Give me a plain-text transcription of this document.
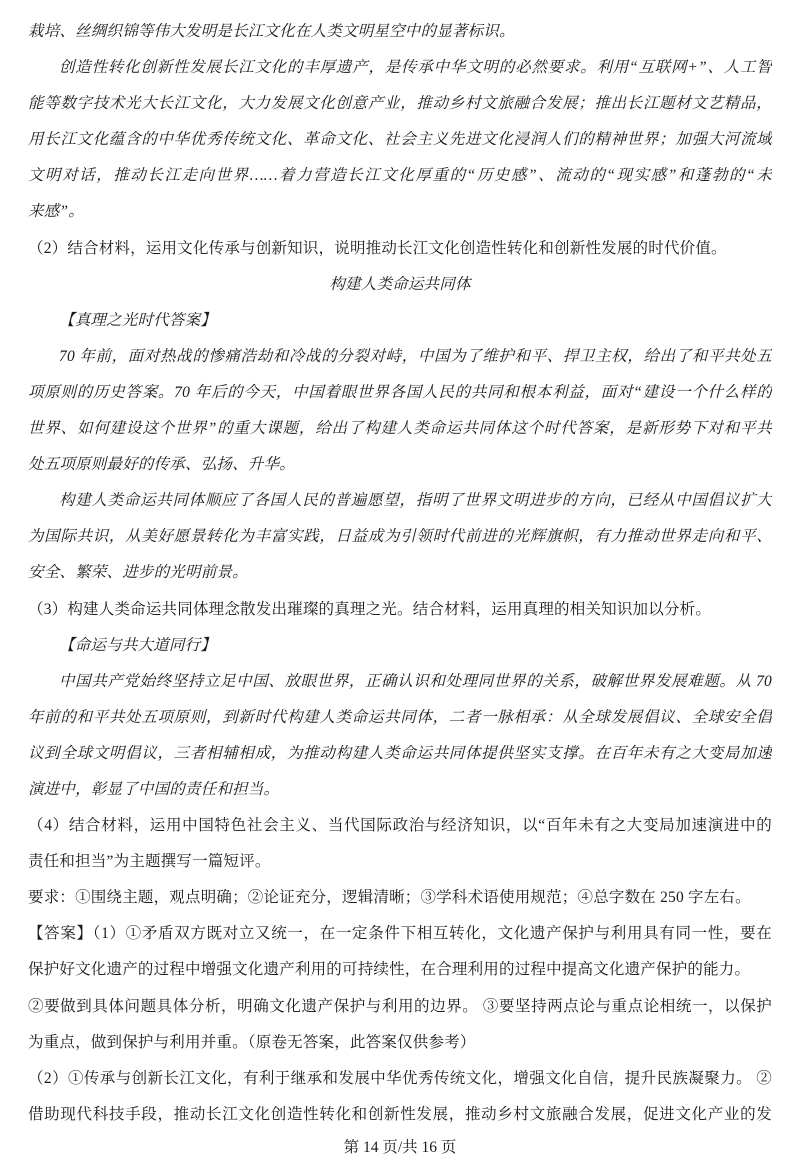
栽培、丝绸织锦等伟大发明是长江文化在人类文明星空中的显著标识。
创造性转化创新性发展长江文化的丰厚遗产，是传承中华文明的必然要求。利用“互联网+”、人工智
能等数字技术光大长江文化，大力发展文化创意产业，推动乡村文旅融合发展；推出长江题材文艺精品，
用长江文化蕴含的中华优秀传统文化、革命文化、社会主义先进文化浸润人们的精神世界；加强大河流域
文明对话，推动长江走向世界……着力营造长江文化厚重的“历史感”、流动的“现实感”和蓬勃的“未
来感”。
（2）结合材料，运用文化传承与创新知识，说明推动长江文化创造性转化和创新性发展的时代价值。
构建人类命运共同体
【真理之光时代答案】
70 年前，面对热战的惨痛浩劫和冷战的分裂对峙，中国为了维护和平、捍卫主权，给出了和平共处五
项原则的历史答案。70 年后的今天，中国着眼世界各国人民的共同和根本利益，面对“建设一个什么样的
世界、如何建设这个世界”的重大课题，给出了构建人类命运共同体这个时代答案，是新形势下对和平共
处五项原则最好的传承、弘扬、升华。
构建人类命运共同体顺应了各国人民的普遍愿望，指明了世界文明进步的方向，已经从中国倡议扩大
为国际共识，从美好愿景转化为丰富实践，日益成为引领时代前进的光辉旗帜，有力推动世界走向和平、
安全、繁荣、进步的光明前景。
（3）构建人类命运共同体理念散发出璀璨的真理之光。结合材料，运用真理的相关知识加以分析。
【命运与共大道同行】
中国共产党始终坚持立足中国、放眼世界，正确认识和处理同世界的关系，破解世界发展难题。从 70
年前的和平共处五项原则，到新时代构建人类命运共同体，二者一脉相承：从全球发展倡议、全球安全倡
议到全球文明倡议，三者相辅相成，为推动构建人类命运共同体提供坚实支撑。在百年未有之大变局加速
演进中，彰显了中国的责任和担当。
（4）结合材料，运用中国特色社会主义、当代国际政治与经济知识，以“百年未有之大变局加速演进中的
责任和担当”为主题撰写一篇短评。
要求：①围绕主题，观点明确；②论证充分，逻辑清晰；③学科术语使用规范；④总字数在 250 字左右。
【答案】（1）①矛盾双方既对立又统一，在一定条件下相互转化，文化遗产保护与利用具有同一性，要在
保护好文化遗产的过程中增强文化遗产利用的可持续性，在合理利用的过程中提高文化遗产保护的能力。
②要做到具体问题具体分析，明确文化遗产保护与利用的边界。 ③要坚持两点论与重点论相统一，以保护
为重点，做到保护与利用并重。（原卷无答案，此答案仅供参考）
（2）①传承与创新长江文化，有利于继承和发展中华优秀传统文化，增强文化自信，提升民族凝聚力。 ②
借助现代科技手段，推动长江文化创造性转化和创新性发展，推动乡村文旅融合发展，促进文化产业的发
第 14 页/共 16 页
